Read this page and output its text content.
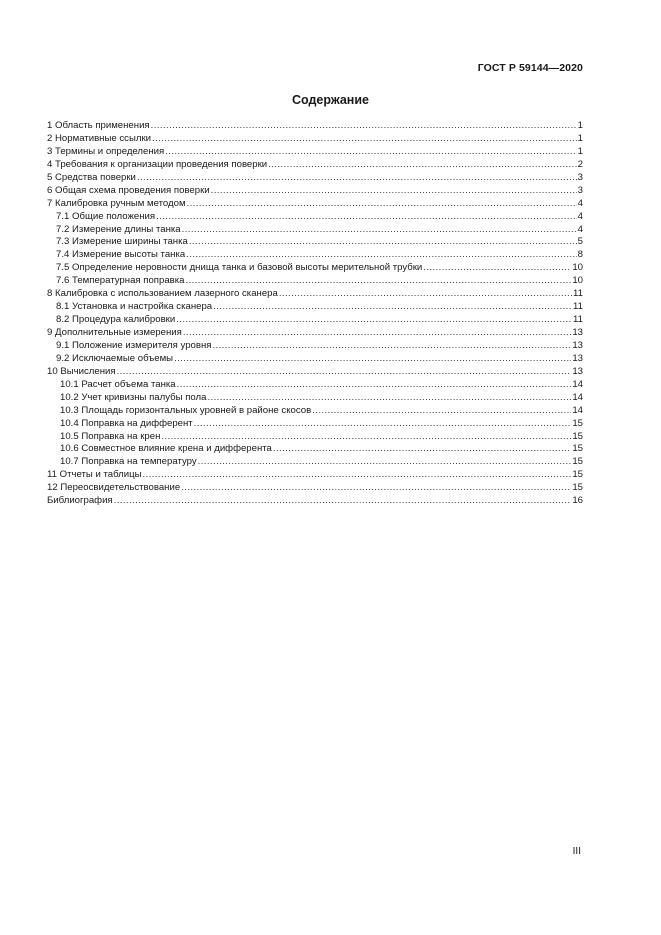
ГОСТ Р 59144—2020
Содержание
1 Область применения .....	1
2 Нормативные ссылки .....	1
3 Термины и определения .....	1
4 Требования к организации проведения поверки .....	2
5 Средства поверки .....	3
6 Общая схема проведения поверки .....	3
7 Калибровка ручным методом .....	4
7.1 Общие положения .....	4
7.2 Измерение длины танка .....	4
7.3 Измерение ширины танка .....	5
7.4 Измерение высоты танка .....	8
7.5 Определение неровности днища танка и базовой высоты мерительной трубки .....	10
7.6 Температурная поправка .....	10
8 Калибровка с использованием лазерного сканера .....	11
8.1 Установка и настройка сканера .....	11
8.2 Процедура калибровки .....	11
9 Дополнительные измерения .....	13
9.1 Положение измерителя уровня .....	13
9.2 Исключаемые объемы .....	13
10 Вычисления .....	13
10.1 Расчет объема танка .....	14
10.2 Учет кривизны палубы пола .....	14
10.3 Площадь горизонтальных уровней в районе скосов .....	14
10.4 Поправка на дифферент .....	15
10.5 Поправка на крен .....	15
10.6 Совместное влияние крена и дифферента .....	15
10.7 Поправка на температуру .....	15
11 Отчеты и таблицы .....	15
12 Переосвидетельствование .....	15
Библиография .....	16
III
